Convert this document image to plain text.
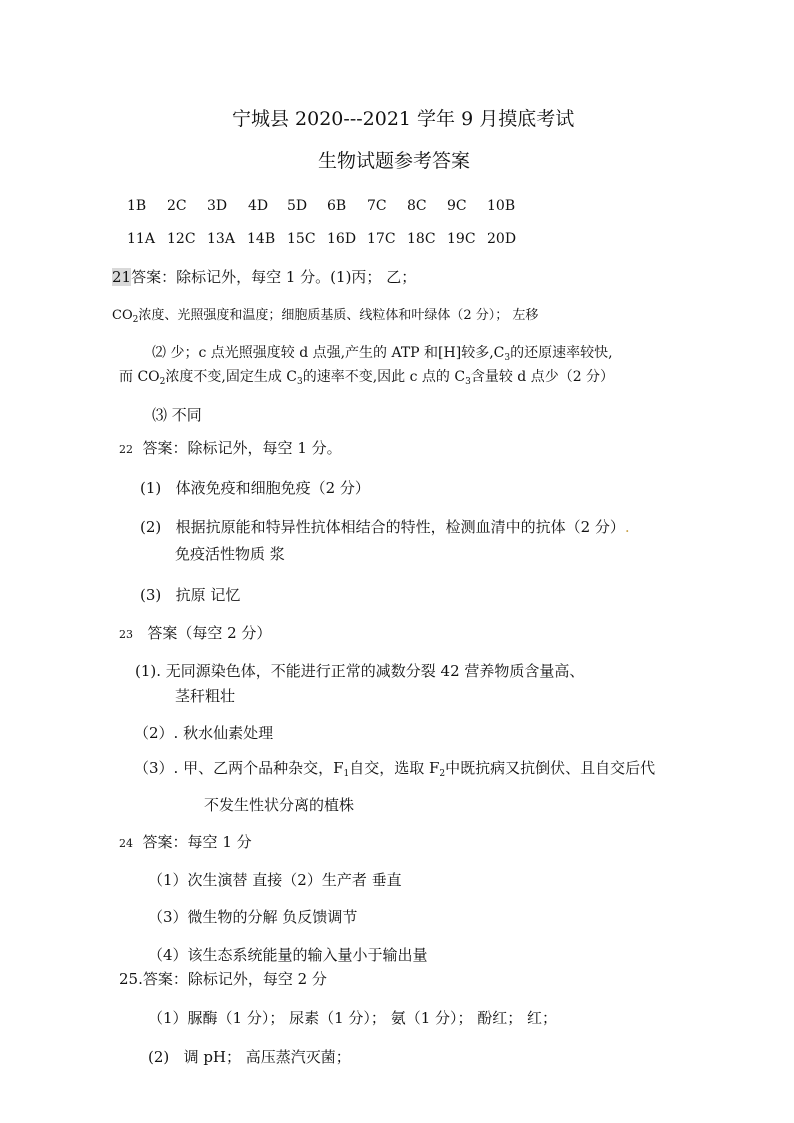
宁城县 2020---2021 学年 9 月摸底考试
生物试题参考答案
1B 2C 3D 4D 5D 6B 7C 8C 9C 10B
11A 12C 13A 14B 15C 16D 17C 18C 19C 20D
21答案：除标记外，每空 1 分。(1)丙； 乙；
$CO_2$浓度、光照强度和温度；细胞质基质、线粒体和叶绿体（2 分）； 左移
⑵ 少；c 点光照强度较 d 点强,产生的 ATP 和[H]较多$,C_3$的还原速率较快,
而 $CO_2$浓度不变,固定生成 $C_3$的速率不变,因此 c 点的 $C_3$含量较 d 点少（2 分）
⑶ 不同
22 答案：除标记外，每空 1 分。
(1) 体液免疫和细胞免疫（2 分）
(2) 根据抗原能和特异性抗体相结合的特性，检测血清中的抗体（2 分）.
免疫活性物质 浆
(3) 抗原 记忆
23 答案（每空 2 分）
(1). 无同源染色体，不能进行正常的减数分裂 42 营养物质含量高、
茎秆粗壮
（2）. 秋水仙素处理
（3）. 甲、乙两个品种杂交，$F_1$自交，选取 $F_2$中既抗病又抗倒伏、且自交后代
不发生性状分离的植株
24 答案：每空 1 分
（1）次生演替 直接（2）生产者 垂直
（3）微生物的分解 负反馈调节
（4）该生态系统能量的输入量小于输出量
25.答案：除标记外，每空 2 分
（1）脲酶（1 分）； 尿素（1 分）； 氨（1 分）； 酚红； 红；
(2) 调 pH； 高压蒸汽灭菌；
